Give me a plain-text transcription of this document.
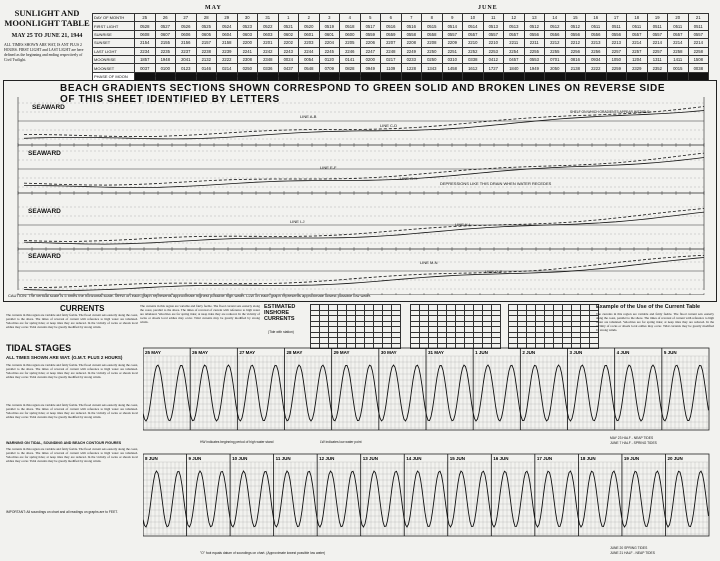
SUNLIGHT AND MOONLIGHT TABLE
MAY 25 TO JUNE 21, 1944
ALL TIMES SHOWN ARE WAT, IS ANT PLUS 2 HOURS. FIRST LIGHT and LAST LIGHT are here defined as the beginning and ending respectively of Civil Twilight.
MAY	JUNE
DAY OF MONTH	25	26	27	28	29	30	31	1	2	3	4	5	6	7	8	9	10	11	12	13	14	15	16	17	18	19	20	21
FIRST LIGHT	0528	0527	0526	0525	0524	0523	0522	0521	0520	0519	0518	0517	0516	0516	0515	0514	0514	0513	0513	0512	0512	0512	0511	0511	0511	0511	0511	0511
SUNRISE	0608	0607	0606	0605	0604	0603	0603	0602	0601	0601	0600	0559	0559	0558	0558	0557	0557	0557	0557	0556	0556	0556	0556	0556	0557	0557	0557	0557
SUNSET	2154	2155	2156	2157	2158	2200	2201	2202	2203	2204	2205	2206	2207	2208	2208	2209	2210	2210	2211	2211	2212	2212	2213	2213	2214	2214	2214	2214
LAST LIGHT	2234	2235	2237	2238	2239	2241	2242	2243	2244	2245	2246	2247	2248	2249	2250	2251	2252	2253	2254	2255	2255	2256	2256	2257	2257	2257	2258	2258
MOONRISE	1857	1948	2041	2132	2222	2308	2348	0024	0054	0120	0141	0200	0217	0233	0250	0310	0338	0412	0457	0553	0701	0816	0934	1050	1204	1311	1411	1508
MOONSET	0037	0100	0123	0146	0214	0250	0336	0437	0548	0709	0828	0949	1109	1228	1343	1458	1612	1727	1840	1949	2050	2138	2222	2259	2329	2352	0015	0038
PHASE OF MOON																													Moonrise and Moonset figures in (Italic) indicate that moonrise and/or moonset occur during daylight, i.e., between First Light and Last Light.
BEACH GRADIENTS SECTIONS SHOWN CORRESPOND TO GREEN SOLID AND BROKEN LINES ON REVERSE SIDE OF THIS SHEET IDENTIFIED BY LETTERS
SEAWARD
SEAWARD
SEAWARD
SEAWARD
LINE A-B
LINE C-D
LINE E-F
LINE G-H
LINE I-J
LINE K-L
LINE M-N
LINE O-P
DEPRESSIONS LIKE THIS DRAIN WHEN WATER RECEDES
SHELF ON WHICH GRADIENTS APPEAR INSTABLE
CAUTION: The vertical scale is 5 times the horizontal scale. MHW on each graph represents approximate highest possible high water. LLW on each graph represents approximate lowest possible low water.
CURRENTS
The currents in this region are variable and fairly feeble. The flood current sets easterly along the coast, parallel to the shore. The times of reversal of current with reference to high water are tabulated. Velocities are for spring tides; at neap tides they are reduced. In the vicinity of rocks or shoals local eddies may occur. Tidal currents may be greatly modified by strong winds.
The currents in this region are variable and fairly feeble. The flood current sets easterly along the coast, parallel to the shore. The times of reversal of current with reference to high water are tabulated. Velocities are for spring tides; at neap tides they are reduced. In the vicinity of rocks or shoals local eddies may occur. Tidal currents may be greatly modified by strong winds.
ESTIMATED INSHORE CURRENTS
(Tide with station)

Example of the Use of the Current Table
The currents in this region are variable and fairly feeble. The flood current sets easterly along the coast, parallel to the shore. The times of reversal of current with reference to high water are tabulated. Velocities are for spring tides; at neap tides they are reduced. In the vicinity of rocks or shoals local eddies may occur. Tidal currents may be greatly modified by strong winds.
TIDAL STAGES
ALL TIMES SHOWN ARE WAT. (G.M.T. PLUS 2 HOURS)
The currents in this region are variable and fairly feeble. The flood current sets easterly along the coast, parallel to the shore. The times of reversal of current with reference to high water are tabulated. Velocities are for spring tides; at neap tides they are reduced. In the vicinity of rocks or shoals local eddies may occur. Tidal currents may be greatly modified by strong winds.
The currents in this region are variable and fairly feeble. The flood current sets easterly along the coast, parallel to the shore. The times of reversal of current with reference to high water are tabulated. Velocities are for spring tides; at neap tides they are reduced. In the vicinity of rocks or shoals local eddies may occur. Tidal currents may be greatly modified by strong winds.
WARNING ON TIDAL, SOUNDING AND BEACH CONTOUR FIGURES
The currents in this region are variable and fairly feeble. The flood current sets easterly along the coast, parallel to the shore. The times of reversal of current with reference to high water are tabulated. Velocities are for spring tides; at neap tides they are reduced. In the vicinity of rocks or shoals local eddies may occur. Tidal currents may be greatly modified by strong winds.
IMPORTANT: All soundings on chart and all readings on graphs are to FEET.
25 MAY	26 MAY	27 MAY	28 MAY	29 MAY	30 MAY	31 MAY	1 JUN	2 JUN	3 JUN	4 JUN	5 JUN
8 JUN	9 JUN	10 JUN	11 JUN	12 JUN	13 JUN	14 JUN	15 JUN	16 JUN	17 JUN	18 JUN	19 JUN	20 JUN
HW indicates beginning period of high water stand	LW indicates low water point
MAY 23 HALF - NEAP TIDES
JUNE 7 HALF - SPRING TIDES
JUNE 20 SPRING TIDES
JUNE 21 HALF - NEAP TIDES
"O" foot equals datum of soundings on chart. (Approximate lowest possible low water)
